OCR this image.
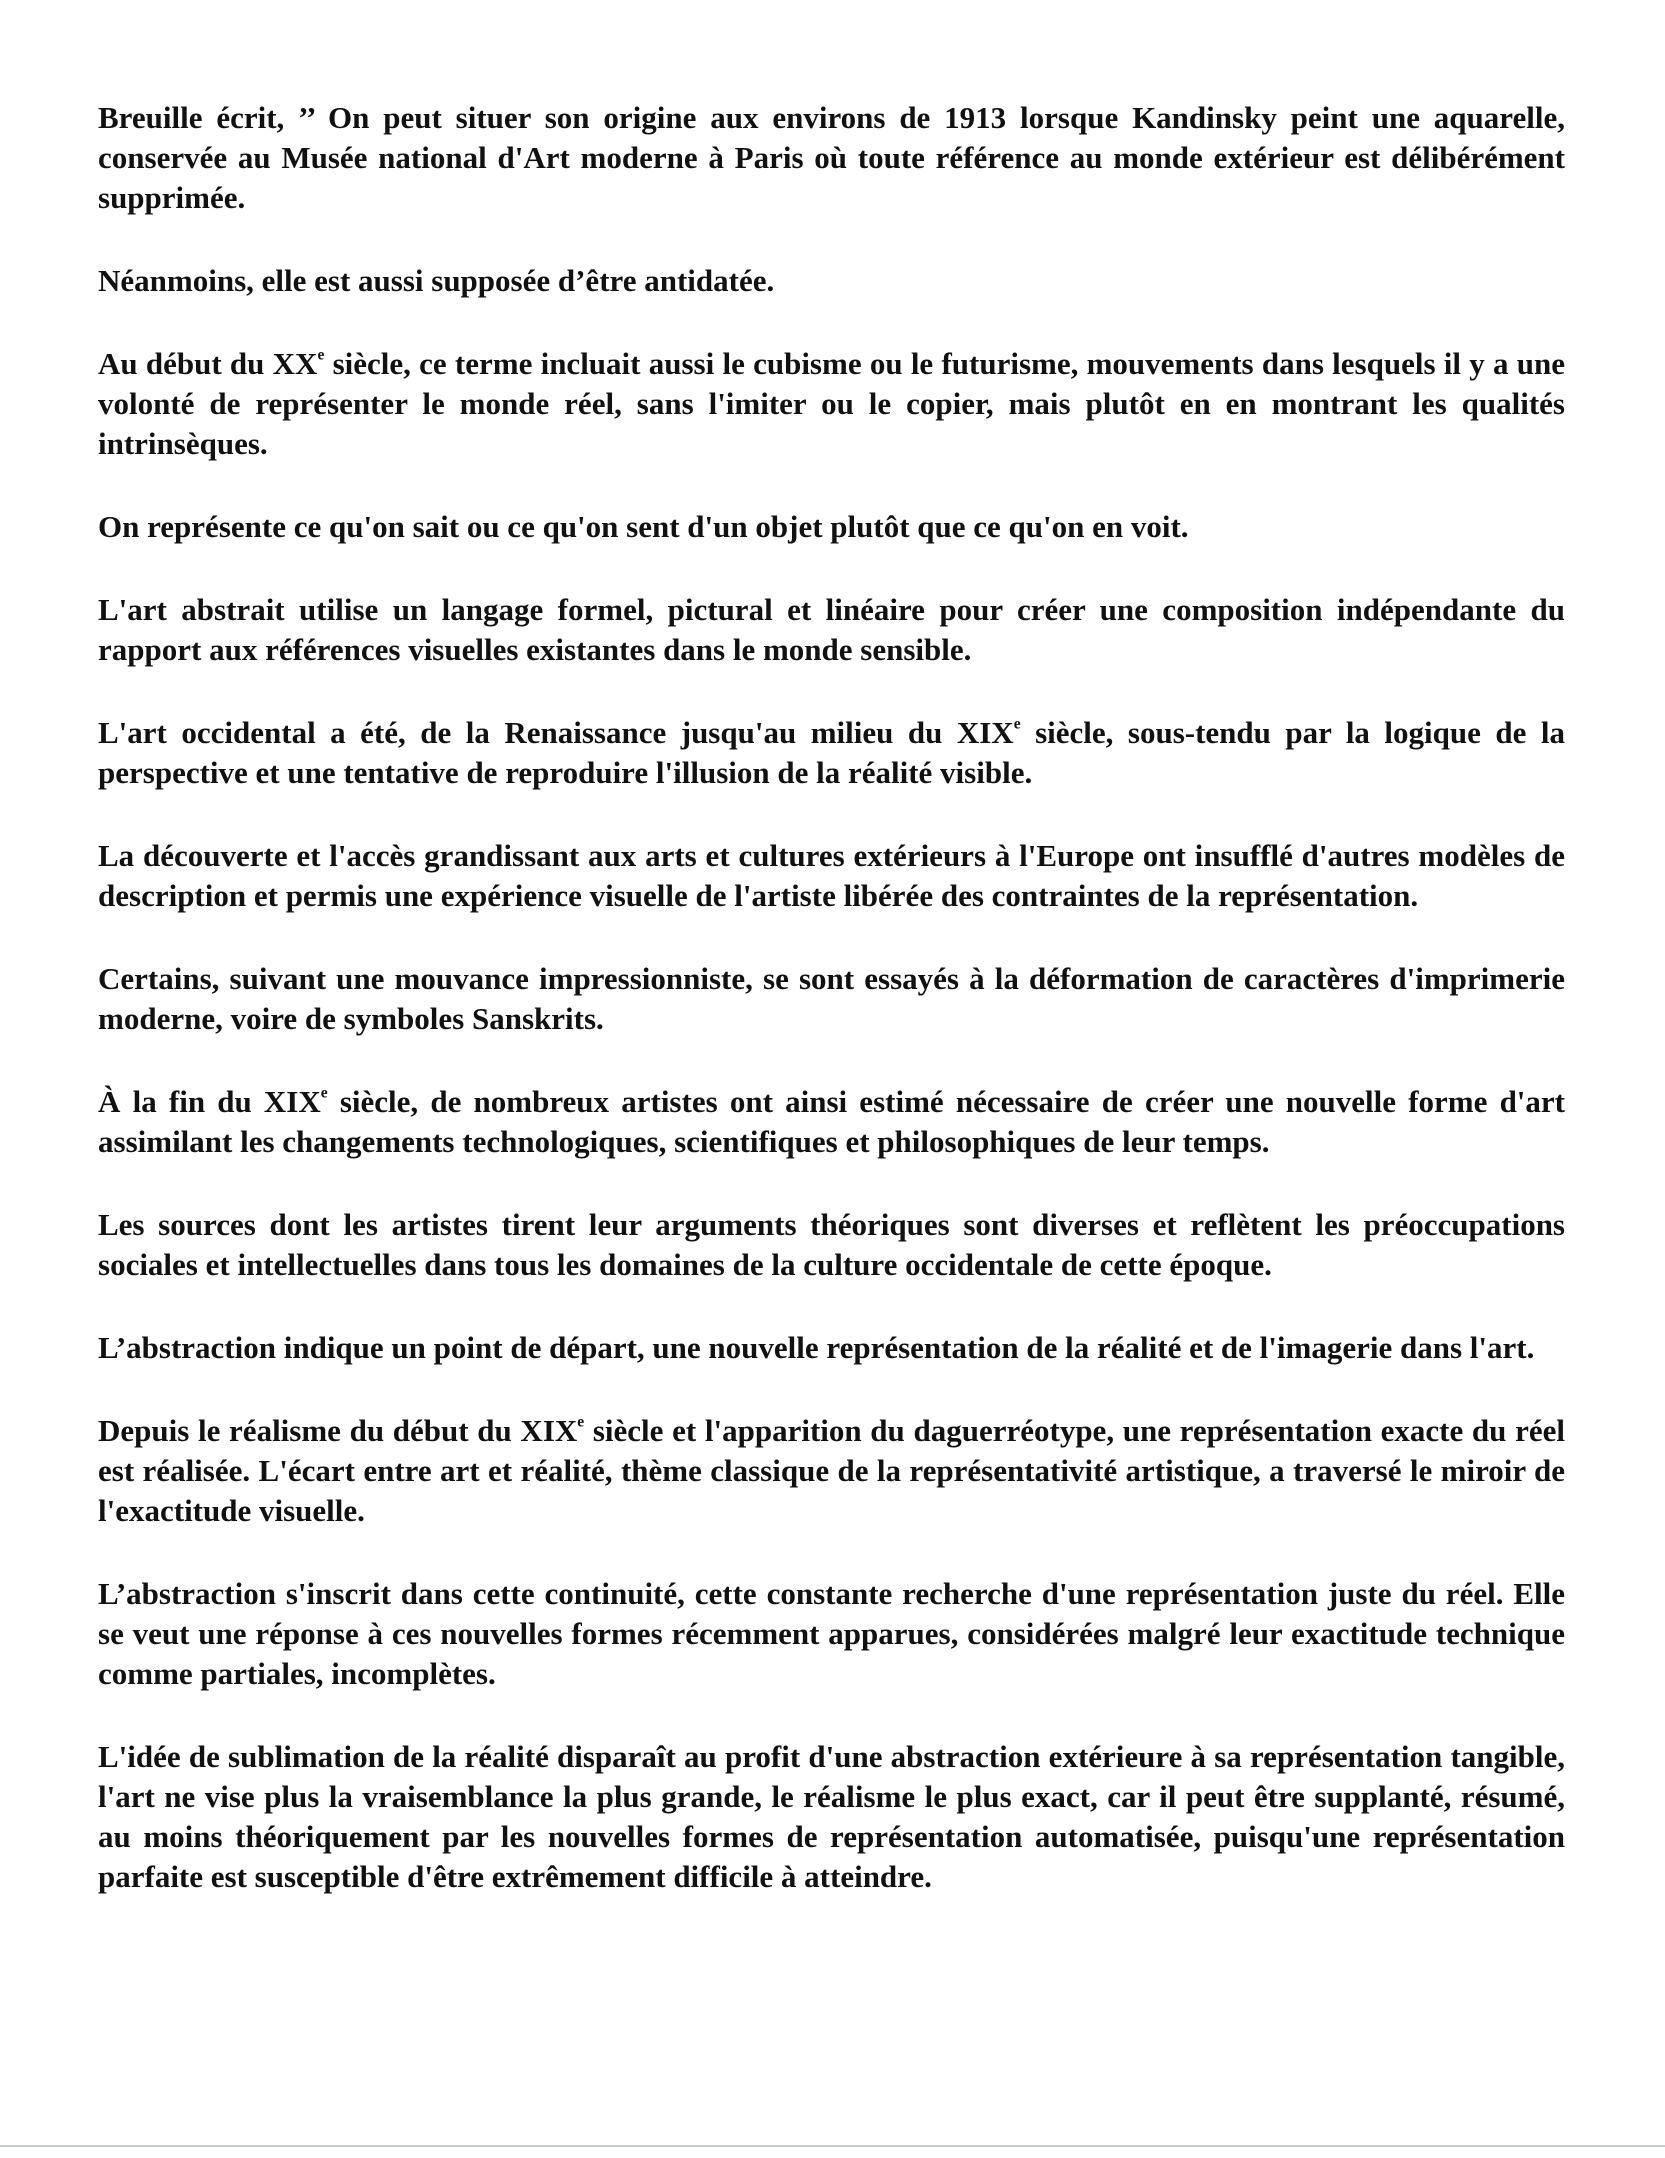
Breuille écrit, ’’ On peut situer son origine aux environs de 1913 lorsque Kandinsky peint une aquarelle, conservée au Musée national d'Art moderne à Paris où toute référence au monde extérieur est délibérément supprimée.

Néanmoins, elle est aussi supposée d’être antidatée.

Au début du XXe siècle, ce terme incluait aussi le cubisme ou le futurisme, mouvements dans lesquels il y a une volonté de représenter le monde réel, sans l'imiter ou le copier, mais plutôt en en montrant les qualités intrinsèques.

On représente ce qu'on sait ou ce qu'on sent d'un objet plutôt que ce qu'on en voit.

L'art abstrait utilise un langage formel, pictural et linéaire pour créer une composition indépendante du rapport aux références visuelles existantes dans le monde sensible.

L'art occidental a été, de la Renaissance jusqu'au milieu du XIXe siècle, sous-tendu par la logique de la perspective et une tentative de reproduire l'illusion de la réalité visible.

La découverte et l'accès grandissant aux arts et cultures extérieurs à l'Europe ont insufflé d'autres modèles de description et permis une expérience visuelle de l'artiste libérée des contraintes de la représentation.

Certains, suivant une mouvance impressionniste, se sont essayés à la déformation de caractères d'imprimerie moderne, voire de symboles Sanskrits.

À la fin du XIXe siècle, de nombreux artistes ont ainsi estimé nécessaire de créer une nouvelle forme d'art assimilant les changements technologiques, scientifiques et philosophiques de leur temps.

Les sources dont les artistes tirent leur arguments théoriques sont diverses et reflètent les préoccupations sociales et intellectuelles dans tous les domaines de la culture occidentale de cette époque.

L’abstraction indique un point de départ, une nouvelle représentation de la réalité et de l'imagerie dans l'art.

Depuis le réalisme du début du XIXe siècle et l'apparition du daguerréotype, une représentation exacte du réel est réalisée. L'écart entre art et réalité, thème classique de la représentativité artistique, a traversé le miroir de l'exactitude visuelle.

L’abstraction s'inscrit dans cette continuité, cette constante recherche d'une représentation juste du réel. Elle se veut une réponse à ces nouvelles formes récemment apparues, considérées malgré leur exactitude technique comme partiales, incomplètes.

L'idée de sublimation de la réalité disparaît au profit d'une abstraction extérieure à sa représentation tangible, l'art ne vise plus la vraisemblance la plus grande, le réalisme le plus exact, car il peut être supplanté, résumé, au moins théoriquement par les nouvelles formes de représentation automatisée, puisqu'une représentation parfaite est susceptible d'être extrêmement difficile à atteindre.
